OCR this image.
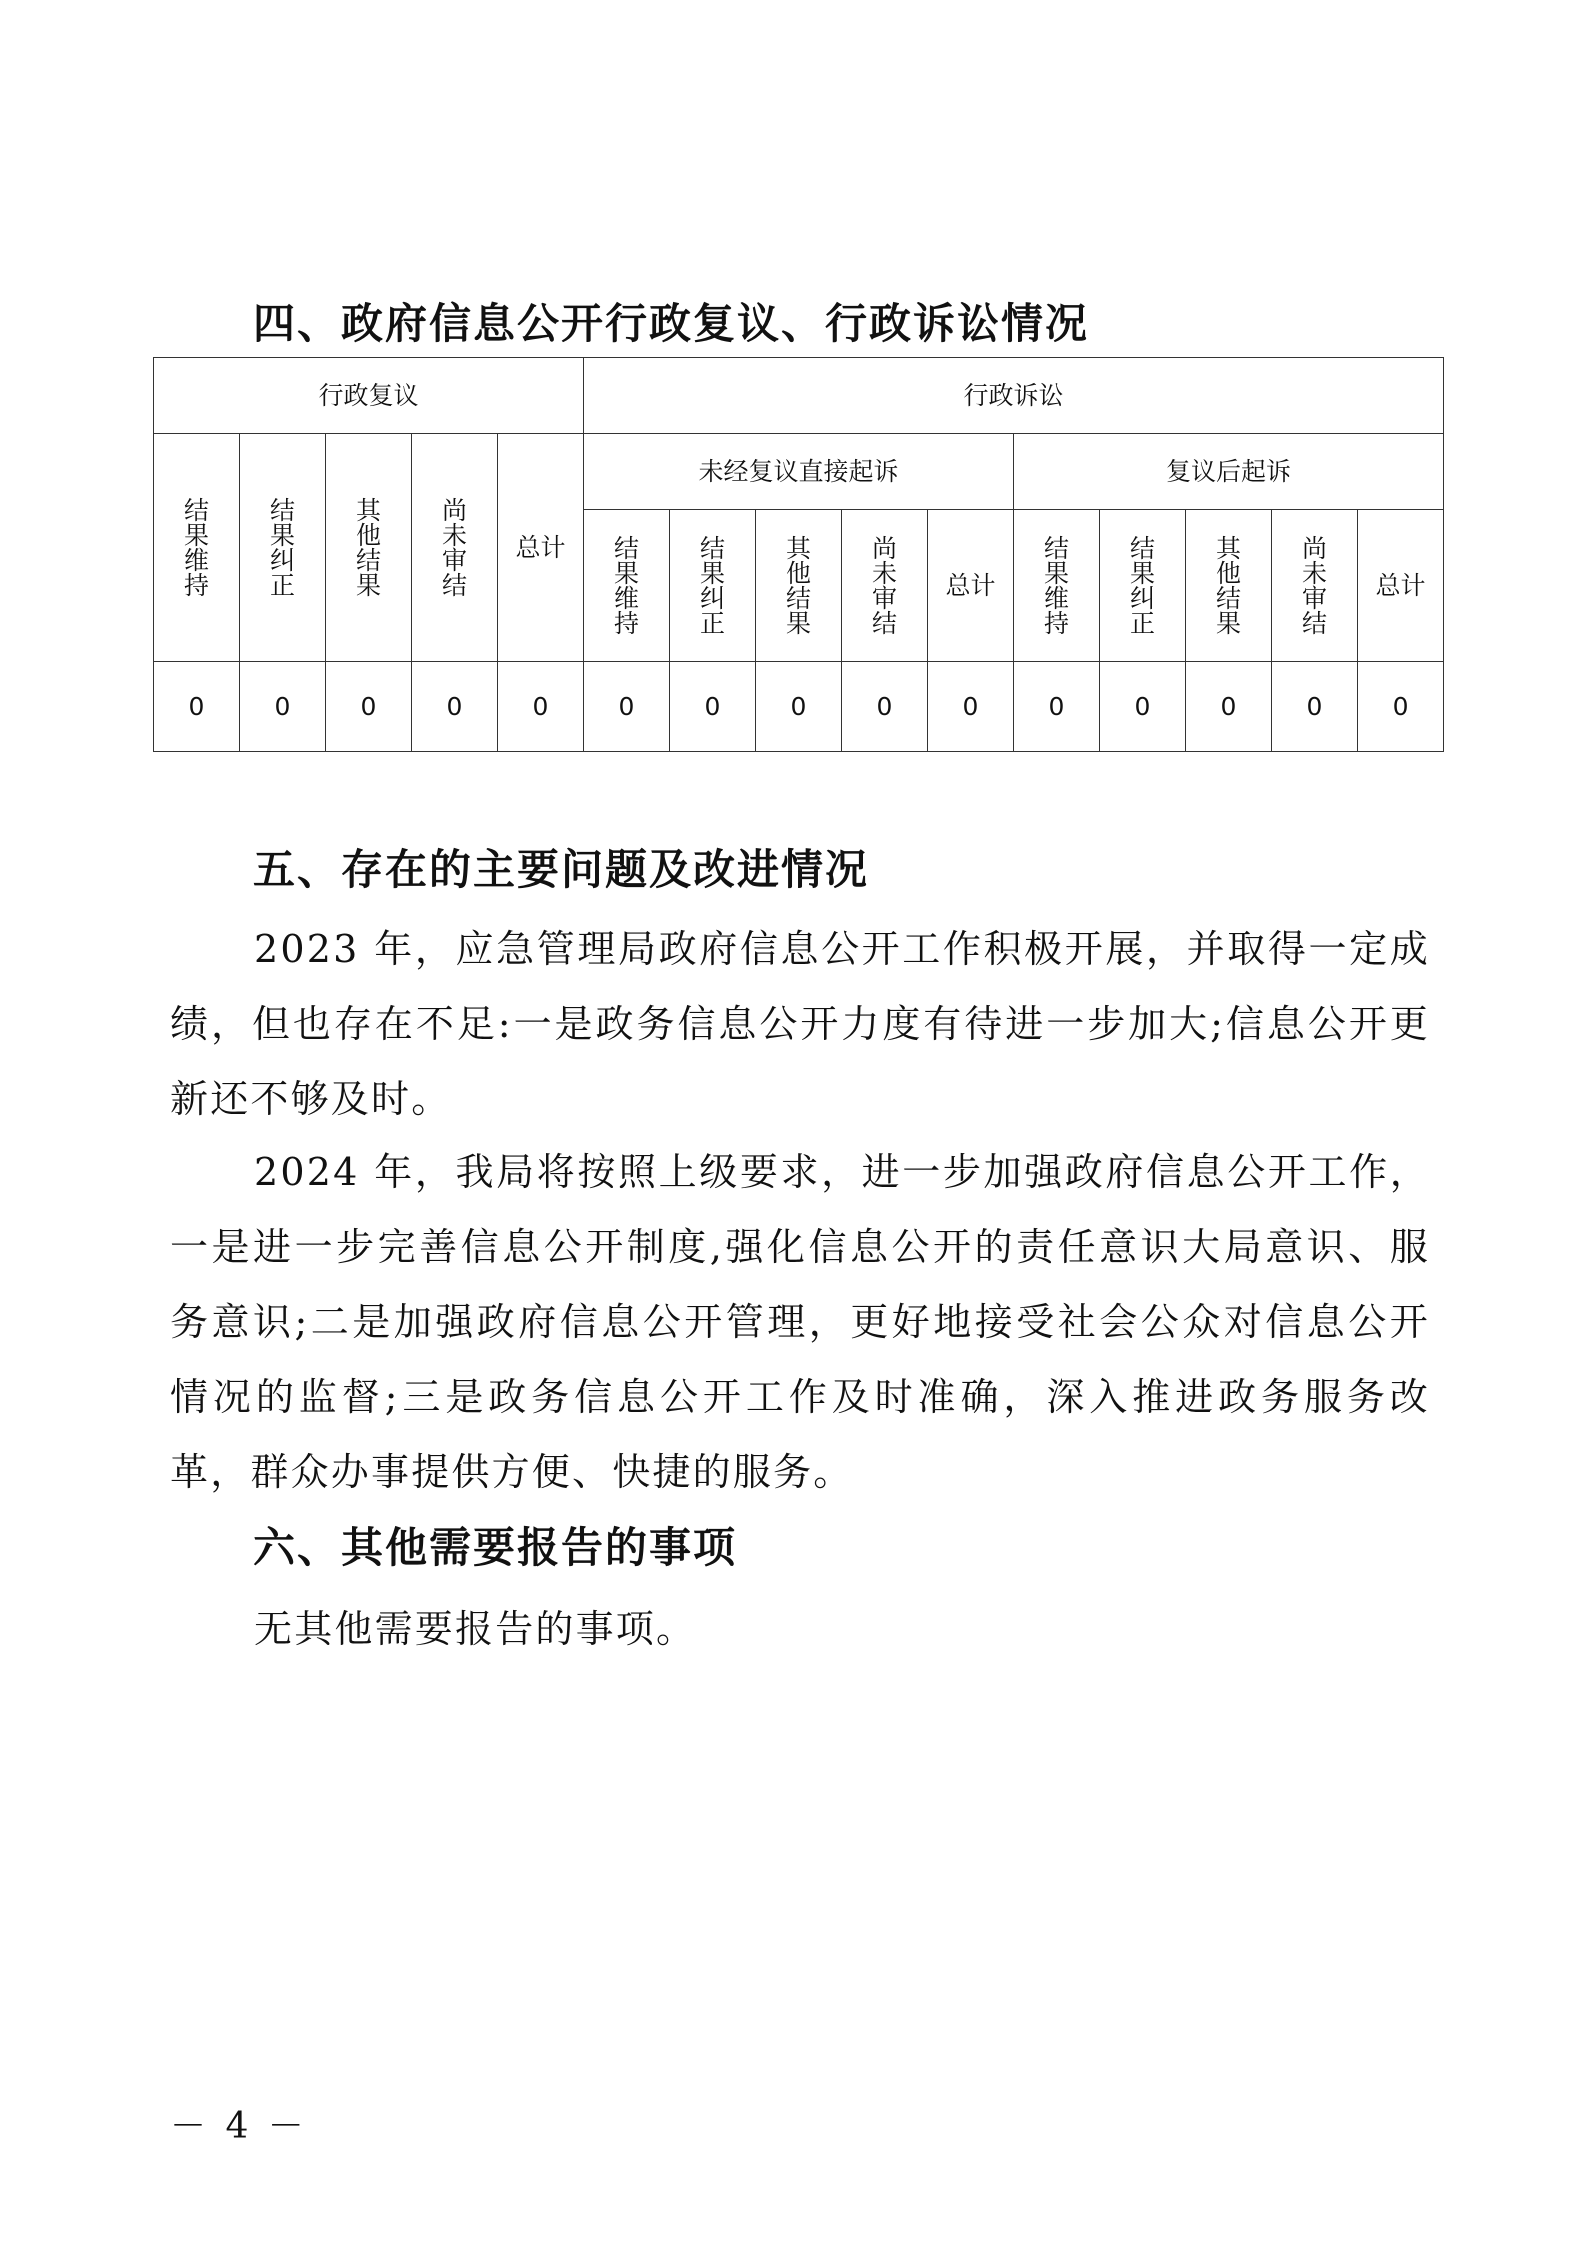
四、政府信息公开行政复议、行政诉讼情况
行政复议					行政诉讼									
结果维持	结果纠正	其他结果	尚未审结	总计	未经复议直接起诉					复议后起诉				
					结果维持	结果纠正	其他结果	尚未审结	总计	结果维持	结果纠正	其他结果	尚未审结	总计
0	0	0	0	0	0	0	0	0	0	0	0	0	0	0
五、存在的主要问题及改进情况

2023 年，应急管理局政府信息公开工作积极开展，并取得一定成绩，但也存在不足:一是政务信息公开力度有待进一步加大;信息公开更新还不够及时。

2024 年，我局将按照上级要求，进一步加强政府信息公开工作，一是进一步完善信息公开制度,强化信息公开的责任意识大局意识、服务意识;二是加强政府信息公开管理，更好地接受社会公众对信息公开情况的监督;三是政务信息公开工作及时准确，深入推进政务服务改革，群众办事提供方便、快捷的服务。

六、其他需要报告的事项

无其他需要报告的事项。

－ 4 －
